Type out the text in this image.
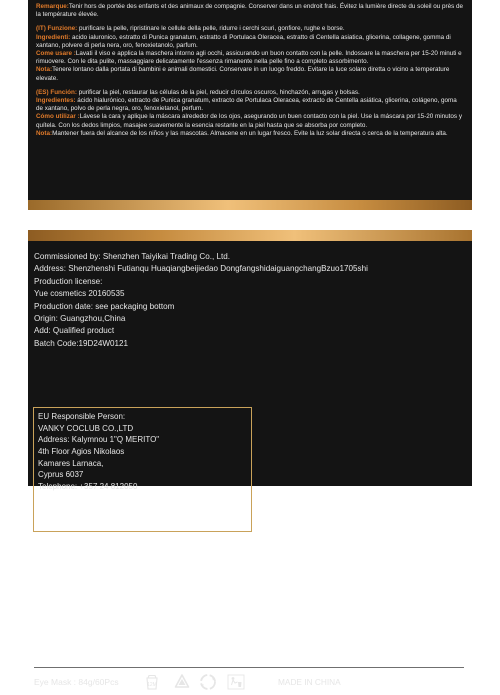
Remarque:Tenir hors de portée des enfants et des animaux de compagnie. Conserver dans un endroit frais. Évitez la lumière directe du soleil ou près de la température élevée.

(IT) Funzione: purificare la pelle, ripristinare le cellule della pelle, ridurre i cerchi scuri, gonfiore, rughe e borse.
Ingredienti: acido ialuronico, estratto di Punica granatum, estratto di Portulaca Oleracea, estratto di Centella asiatica, glicerina, collagene, gomma di xantano, polvere di perla nera, oro, fenoxietanolo, parfum.
Come usare :Lavati il viso e applica la maschera intorno agli occhi, assicurando un buon contatto con la pelle. Indossare la maschera per 15-20 minuti e rimuovere. Con le dita pulite, massaggiare delicatamente l'essenza rimanente nella pelle fino a completo assorbimento.
Nota:Tenere lontano dalla portata di bambini e animali domestici. Conservare in un luogo freddo. Evitare la luce solare diretta o vicino a temperature elevate.

(ES) Función: purificar la piel, restaurar las células de la piel, reducir círculos oscuros, hinchazón, arrugas y bolsas.
Ingredientes: ácido hialurónico, extracto de Punica granatum, extracto de Portulaca Oleracea, extracto de Centella asiática, glicerina, colágeno, goma de xantano, polvo de perla negra, oro, fenoxietanol, perfum.
Cómo utilizar :Lávese la cara y aplique la máscara alrededor de los ojos, asegurando un buen contacto con la piel. Use la máscara por 15-20 minutos y quítela. Con los dedos limpios, masajee suavemente la esencia restante en la piel hasta que se absorba por completo.
Nota:Mantener fuera del alcance de los niños y las mascotas. Almacene en un lugar fresco. Evite la luz solar directa o cerca de la temperatura alta.

Commissioned by: Shenzhen Taiyikai Trading Co., Ltd.
Address: Shenzhenshi Futianqu Huaqiangbeijiedao DongfangshidaiguangchangBzuo1705shi
Production license:
Yue cosmetics 20160535
Production date: see packaging bottom
Origin: Guangzhou,China
Add: Qualified product
Batch Code:19D24W0121
EU Responsible Person:
VANKY COCLUB CO.,LTD
Address: Kalymnou 1"Q MERITO"
4th Floor Agios Nikolaos
Kamares Larnaca,
Cyprus 6037
Telephone: +357 24 812050
Eye Mask : 84g/60Pcs	12M	MADE IN CHINA
